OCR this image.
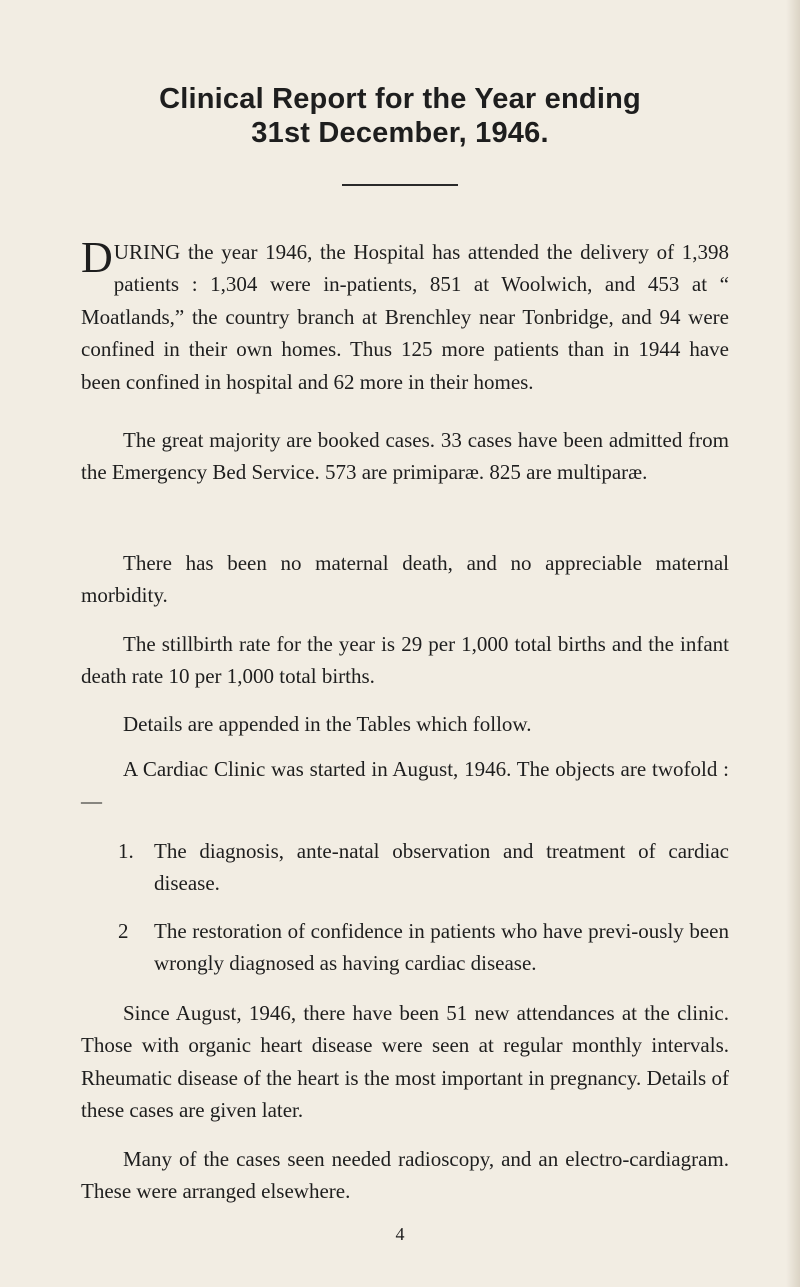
Clinical Report for the Year ending
31st December, 1946.

DURING the year 1946, the Hospital has attended the delivery of 1,398 patients : 1,304 were in-patients, 851 at Woolwich, and 453 at “ Moatlands,” the country branch at Brenchley near Tonbridge, and 94 were confined in their own homes. Thus 125 more patients than in 1944 have been confined in hospital and 62 more in their homes.

The great majority are booked cases. 33 cases have been admitted from the Emergency Bed Service. 573 are primiparæ. 825 are multiparæ.

There has been no maternal death, and no appreciable maternal morbidity.

The stillbirth rate for the year is 29 per 1,000 total births and the infant death rate 10 per 1,000 total births.

Details are appended in the Tables which follow.

A Cardiac Clinic was started in August, 1946. The objects are twofold :—

1. The diagnosis, ante-natal observation and treatment of cardiac disease.
2 The restoration of confidence in patients who have previ-ously been wrongly diagnosed as having cardiac disease.

Since August, 1946, there have been 51 new attendances at the clinic. Those with organic heart disease were seen at regular monthly intervals. Rheumatic disease of the heart is the most important in pregnancy. Details of these cases are given later.

Many of the cases seen needed radioscopy, and an electro-cardiagram. These were arranged elsewhere.

4
